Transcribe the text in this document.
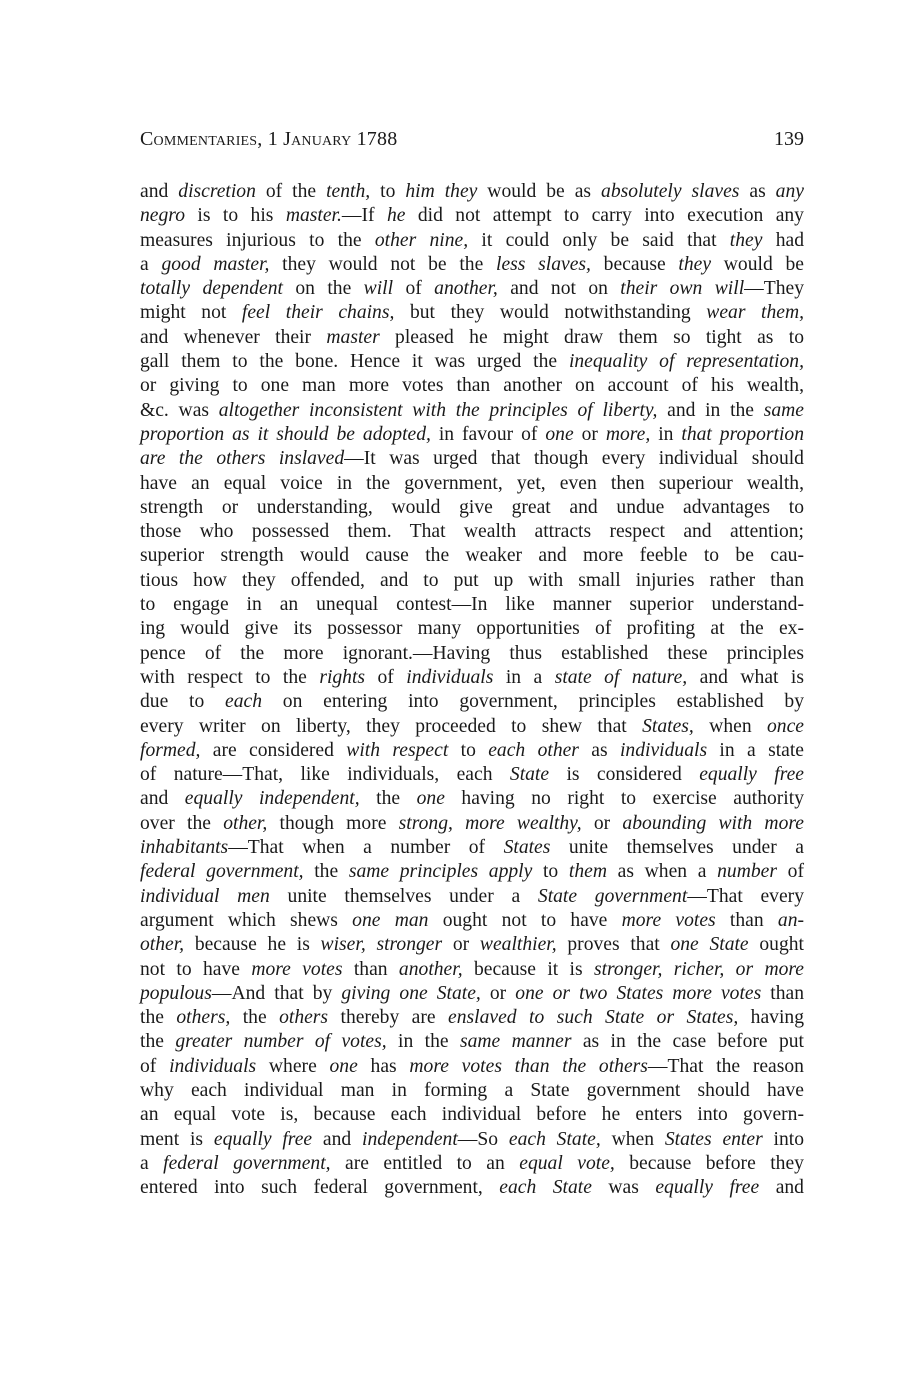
Commentaries, 1 January 1788	139
and discretion of the tenth, to him they would be as absolutely slaves as any
negro is to his master.—If he did not attempt to carry into execution any
measures injurious to the other nine, it could only be said that they had
a good master, they would not be the less slaves, because they would be
totally dependent on the will of another, and not on their own will—They
might not feel their chains, but they would notwithstanding wear them,
and whenever their master pleased he might draw them so tight as to
gall them to the bone. Hence it was urged the inequality of representation,
or giving to one man more votes than another on account of his wealth,
&c. was altogether inconsistent with the principles of liberty, and in the same
proportion as it should be adopted, in favour of one or more, in that proportion
are the others inslaved—It was urged that though every individual should
have an equal voice in the government, yet, even then superiour wealth,
strength or understanding, would give great and undue advantages to
those who possessed them. That wealth attracts respect and attention;
superior strength would cause the weaker and more feeble to be cau-
tious how they offended, and to put up with small injuries rather than
to engage in an unequal contest—In like manner superior understand-
ing would give its possessor many opportunities of profiting at the ex-
pence of the more ignorant.—Having thus established these principles
with respect to the rights of individuals in a state of nature, and what is
due to each on entering into government, principles established by
every writer on liberty, they proceeded to shew that States, when once
formed, are considered with respect to each other as individuals in a state
of nature—That, like individuals, each State is considered equally free
and equally independent, the one having no right to exercise authority
over the other, though more strong, more wealthy, or abounding with more
inhabitants—That when a number of States unite themselves under a
federal government, the same principles apply to them as when a number of
individual men unite themselves under a State government—That every
argument which shews one man ought not to have more votes than an-
other, because he is wiser, stronger or wealthier, proves that one State ought
not to have more votes than another, because it is stronger, richer, or more
populous—And that by giving one State, or one or two States more votes than
the others, the others thereby are enslaved to such State or States, having
the greater number of votes, in the same manner as in the case before put
of individuals where one has more votes than the others—That the reason
why each individual man in forming a State government should have
an equal vote is, because each individual before he enters into govern-
ment is equally free and independent—So each State, when States enter into
a federal government, are entitled to an equal vote, because before they
entered into such federal government, each State was equally free and
